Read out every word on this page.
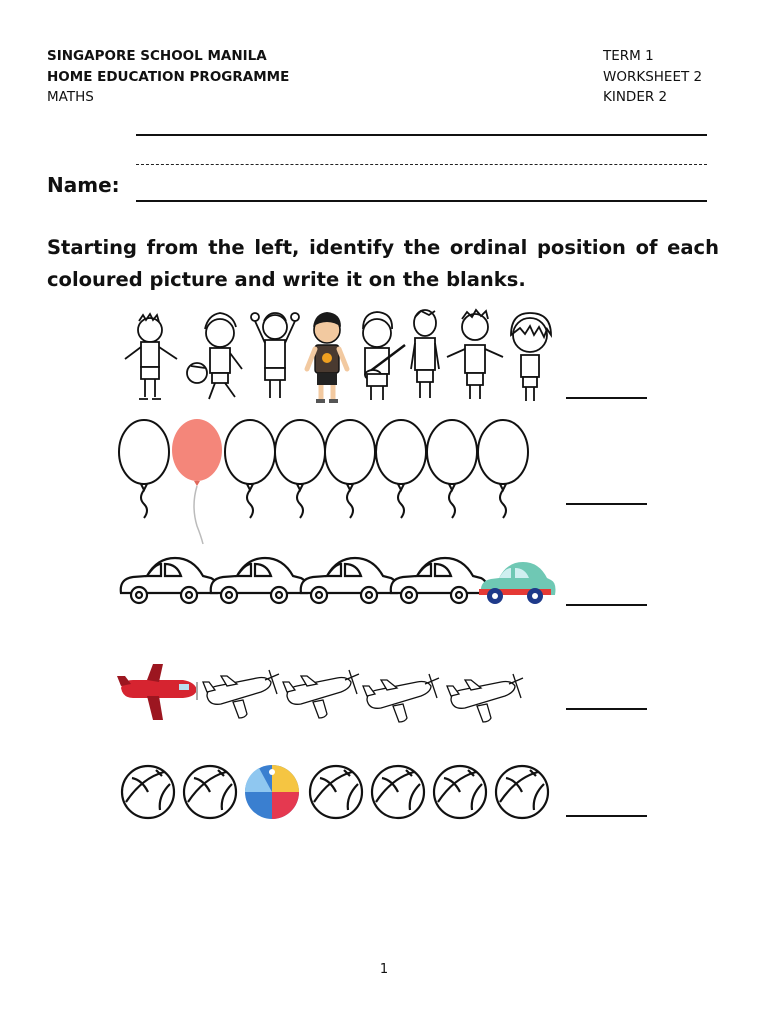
SINGAPORE SCHOOL MANILA
HOME EDUCATION PROGRAMME
MATHS
TERM 1
WORKSHEET 2
KINDER 2
Name:
Starting from the left, identify the ordinal position of each coloured picture and write it on the blanks.
1
